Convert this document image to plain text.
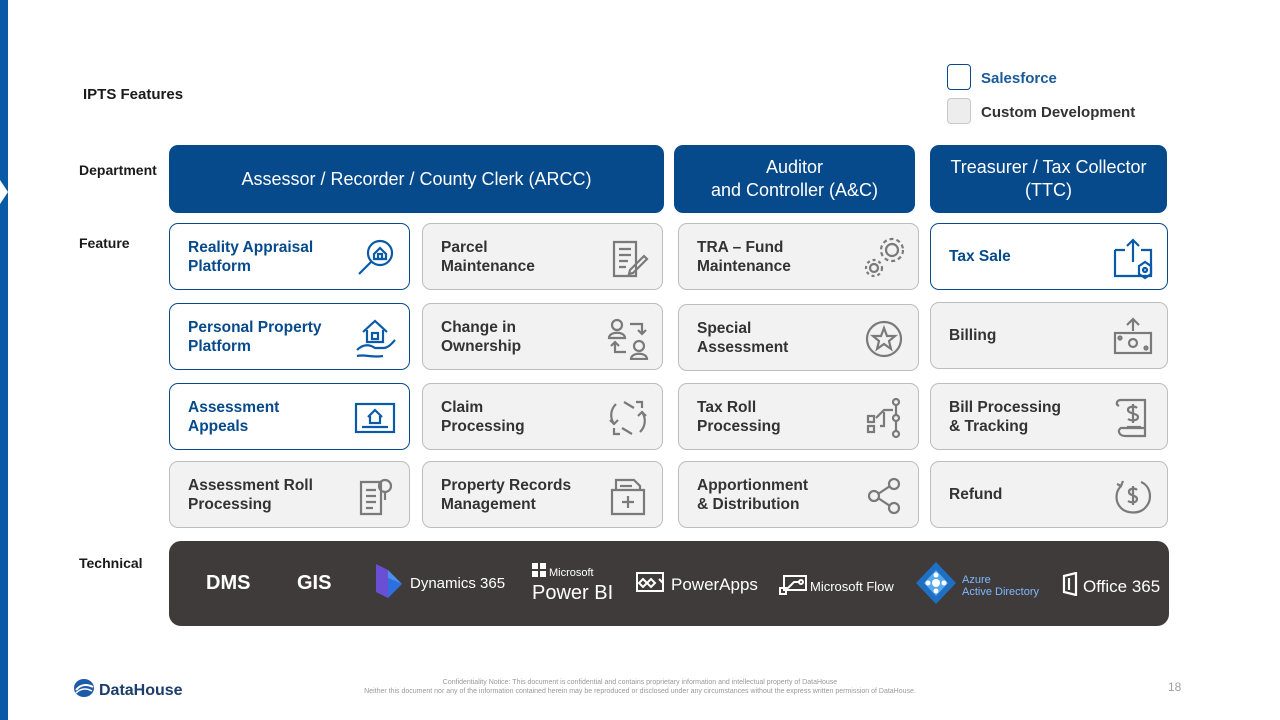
IPTS Features
Salesforce
Custom Development
Department
Feature
Technical
Assessor / Recorder / County Clerk (ARCC)
Auditor
and Controller (A&C)
Treasurer / Tax Collector
(TTC)
Reality Appraisal
Platform
Personal Property
Platform
Assessment
Appeals
Assessment Roll
Processing
Parcel
Maintenance
Change in
Ownership
Claim
Processing
Property Records
Management
TRA – Fund
Maintenance
Special
Assessment
Tax Roll
Processing
Apportionment
& Distribution
Tax Sale
Billing
Bill Processing
& Tracking
Refund
DMS GIS	Dynamics 365
Microsoft
Power BI	PowerApps	Microsoft Flow	Azure
Active Directory	Office 365
DataHouse	Confidentiality Notice: This document is confidential and contains proprietary information and intellectual property of DataHouse
Neither this document nor any of the information contained herein may be reproduced or disclosed under any circumstances without the express written permission of DataHouse.	18
